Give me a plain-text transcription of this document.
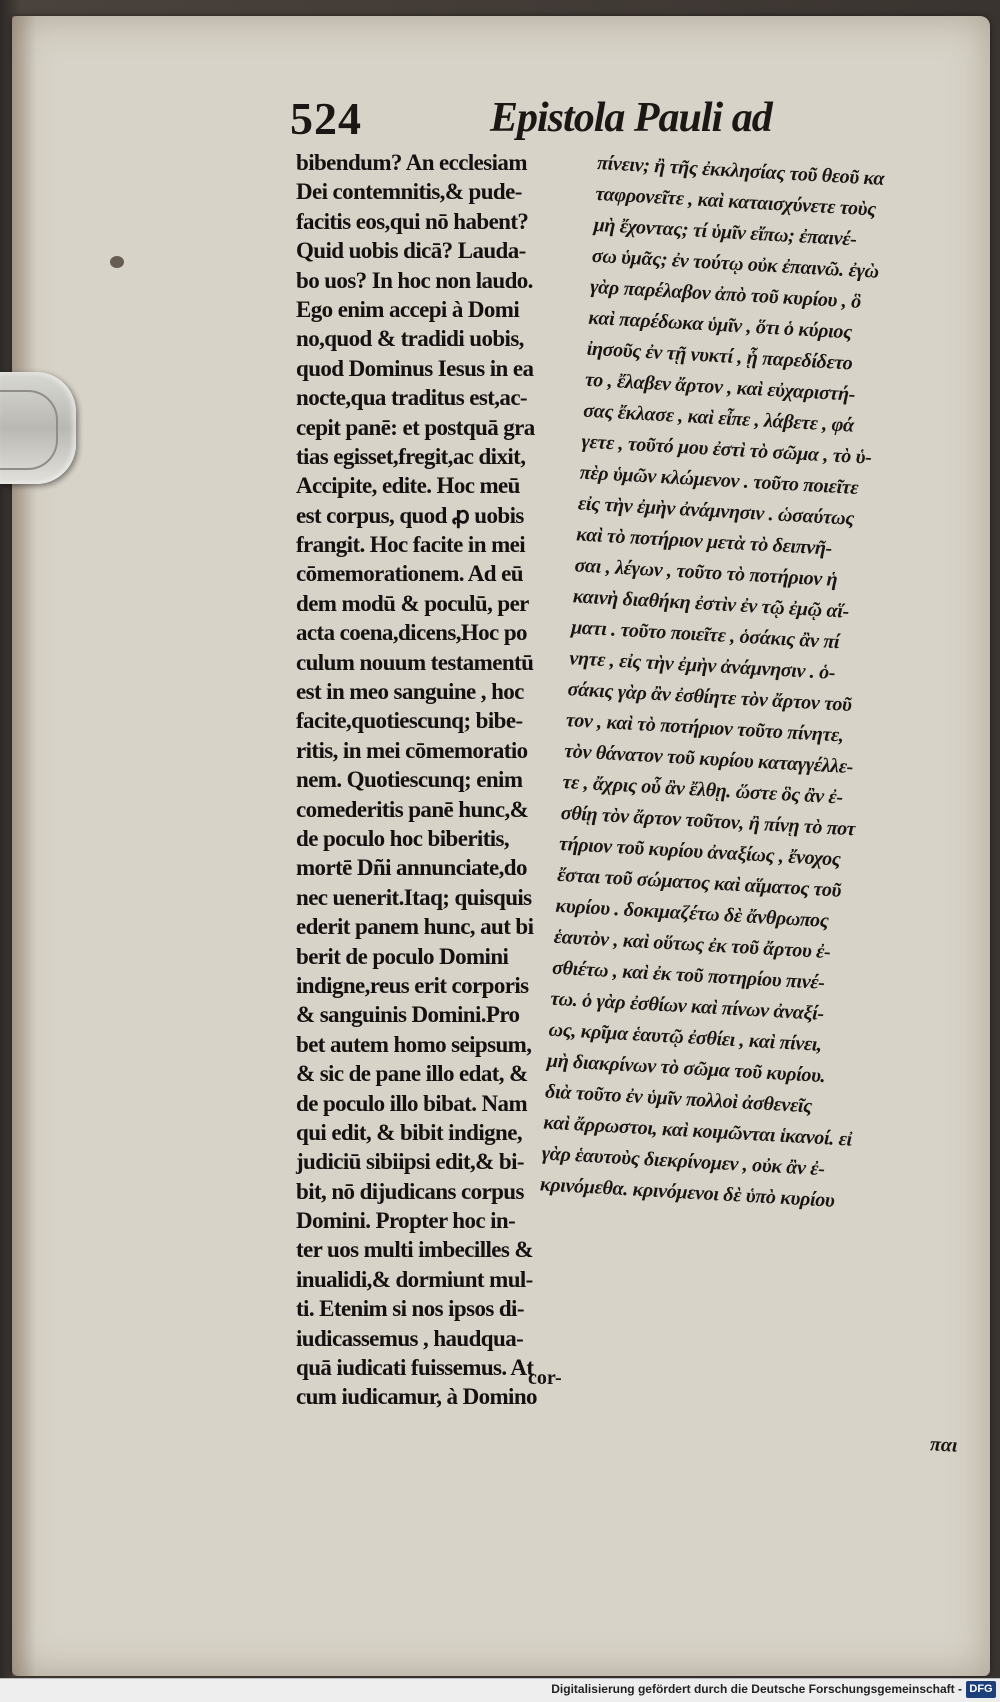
524	Epistola Pauli ad
bibendum? An ecclesiam
Dei contemnitis,& pude-
facitis eos,qui nō habent?
Quid uobis dicā? Lauda-
bo uos? In hoc non laudo.
Ego enim accepi à Domi
no,quod & tradidi uobis,
quod Dominus Iesus in ea
nocte,qua traditus est,ac-
cepit panē: et postquā gra
tias egisset,fregit,ac dixit,
Accipite, edite. Hoc meū
est corpus, quod ꝓ uobis
frangit. Hoc facite in mei
cōmemorationem. Ad eū
dem modū & poculū, per
acta coena,dicens,Hoc po
culum nouum testamentū
est in meo sanguine , hoc
facite,quotiescunq; bibe-
ritis, in mei cōmemoratio
nem. Quotiescunq; enim
comederitis panē hunc,&
de poculo hoc biberitis,
mortē Dñi annunciate,do
nec uenerit.Itaq; quisquis
ederit panem hunc, aut bi
berit de poculo Domini
indigne,reus erit corporis
& sanguinis Domini.Pro
bet autem homo seipsum,
& sic de pane illo edat, &
de poculo illo bibat. Nam
qui edit, & bibit indigne,
judiciū sibiipsi edit,& bi-
bit, nō dijudicans corpus
Domini. Propter hoc in-
ter uos multi imbecilles &
inualidi,& dormiunt mul-
ti. Etenim si nos ipsos di-
iudicassemus , haudqua-
quā iudicati fuissemus. At
cum iudicamur, à Domino
cor-
πίνειν; ἢ τῆς ἐκκλησίας τοῦ θεοῦ κα
ταφρονεῖτε , καὶ καταισχύνετε τοὺς
μὴ ἔχοντας; τί ὑμῖν εἴπω; ἐπαινέ-
σω ὑμᾶς; ἐν τούτῳ οὐκ ἐπαινῶ. ἐγὼ
γὰρ παρέλαβον ἀπὸ τοῦ κυρίου , ὃ
καὶ παρέδωκα ὑμῖν , ὅτι ὁ κύριος
ἰησοῦς ἐν τῇ νυκτί , ᾗ παρεδίδετο
το , ἔλαβεν ἄρτον , καὶ εὐχαριστή-
σας ἔκλασε , καὶ εἶπε , λάβετε , φά
γετε , τοῦτό μου ἐστὶ τὸ σῶμα , τὸ ὑ-
πὲρ ὑμῶν κλώμενον . τοῦτο ποιεῖτε
εἰς τὴν ἐμὴν ἀνάμνησιν . ὡσαύτως
καὶ τὸ ποτήριον μετὰ τὸ δειπνῆ-
σαι , λέγων , τοῦτο τὸ ποτήριον ἡ
καινὴ διαθήκη ἐστὶν ἐν τῷ ἐμῷ αἵ-
ματι . τοῦτο ποιεῖτε , ὁσάκις ἂν πί
νητε , εἰς τὴν ἐμὴν ἀνάμνησιν . ὁ-
σάκις γὰρ ἂν ἐσθίητε τὸν ἄρτον τοῦ
τον , καὶ τὸ ποτήριον τοῦτο πίνητε,
τὸν θάνατον τοῦ κυρίου καταγγέλλε-
τε , ἄχρις οὗ ἂν ἔλθῃ. ὥστε ὃς ἂν ἐ-
σθίῃ τὸν ἄρτον τοῦτον, ἢ πίνῃ τὸ ποτ
τήριον τοῦ κυρίου ἀναξίως , ἔνοχος
ἔσται τοῦ σώματος καὶ αἵματος τοῦ
κυρίου . δοκιμαζέτω δὲ ἄνθρωπος
ἑαυτὸν , καὶ οὕτως ἐκ τοῦ ἄρτου ἐ-
σθιέτω , καὶ ἐκ τοῦ ποτηρίου πινέ-
τω. ὁ γὰρ ἐσθίων καὶ πίνων ἀναξί-
ως, κρῖμα ἑαυτῷ ἐσθίει , καὶ πίνει,
μὴ διακρίνων τὸ σῶμα τοῦ κυρίου.
διὰ τοῦτο ἐν ὑμῖν πολλοὶ ἀσθενεῖς
καὶ ἄρρωστοι, καὶ κοιμῶνται ἱκανοί. εἰ
γὰρ ἑαυτοὺς διεκρίνομεν , οὐκ ἂν ἐ-
κρινόμεθα. κρινόμενοι δὲ ὑπὸ κυρίου
παι
Digitalisierung gefördert durch die Deutsche Forschungsgemeinschaft - DFG
